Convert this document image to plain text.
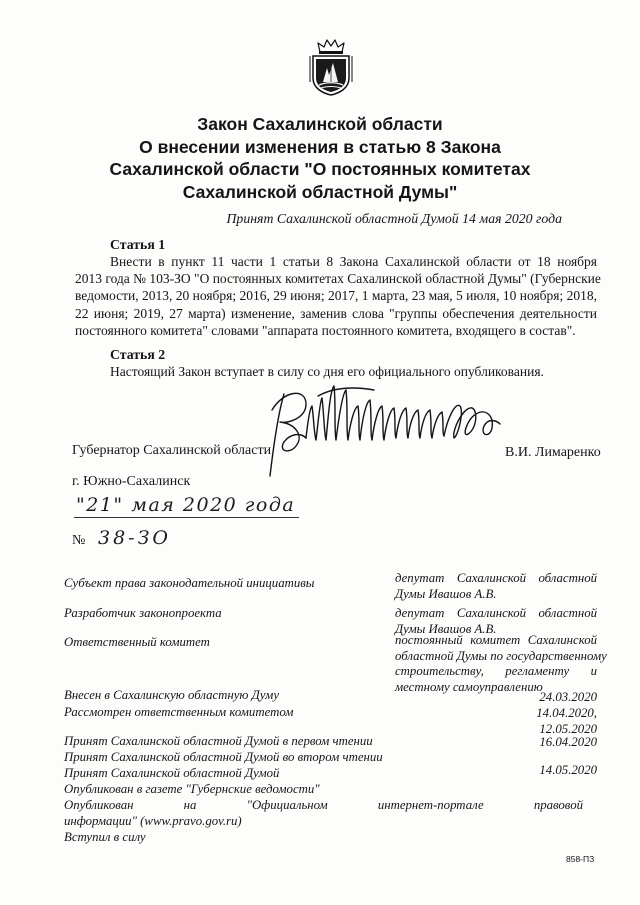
Закон Сахалинской области
О внесении изменения в статью 8 Закона
Сахалинской области "О постоянных комитетах
Сахалинской областной Думы"
Принят Сахалинской областной Думой 14 мая 2020 года
Статья 1
Внести в пункт 11 части 1 статьи 8 Закона Сахалинской области от 18 ноября
2013 года № 103-ЗО "О постоянных комитетах Сахалинской областной Думы" (Губернские
ведомости, 2013, 20 ноября; 2016, 29 июня; 2017, 1 марта, 23 мая, 5 июля, 10 ноября; 2018,
22 июня; 2019, 27 марта) изменение, заменив слова "группы обеспечения деятельности
постоянного комитета" словами "аппарата постоянного комитета, входящего в состав".
Статья 2
Настоящий Закон вступает в силу со дня его официального опубликования.
Губернатор Сахалинской области	В.И. Лимаренко
г. Южно-Сахалинск
"21" мая 2020 года
№ 38-ЗО
Субъект права законодательной инициативы	депутат Сахалинской областной
Думы Ивашов А.В.
Разработчик законопроекта	депутат Сахалинской областной
Думы Ивашов А.В.
Ответственный комитет	постоянный комитет Сахалинской
областной Думы по государственному
строительству, регламенту и
местному самоуправлению
Внесен в Сахалинскую областную Думу	24.03.2020
Рассмотрен ответственным комитетом	14.04.2020,
12.05.2020
Принят Сахалинской областной Думой в первом чтении	16.04.2020
Принят Сахалинской областной Думой во втором чтении
Принят Сахалинской областной Думой	14.05.2020
Опубликован в газете "Губернские ведомости"
Опубликован на "Официальном интернет-портале правовой
информации" (www.pravo.gov.ru)
Вступил в силу
858-ПЗ
